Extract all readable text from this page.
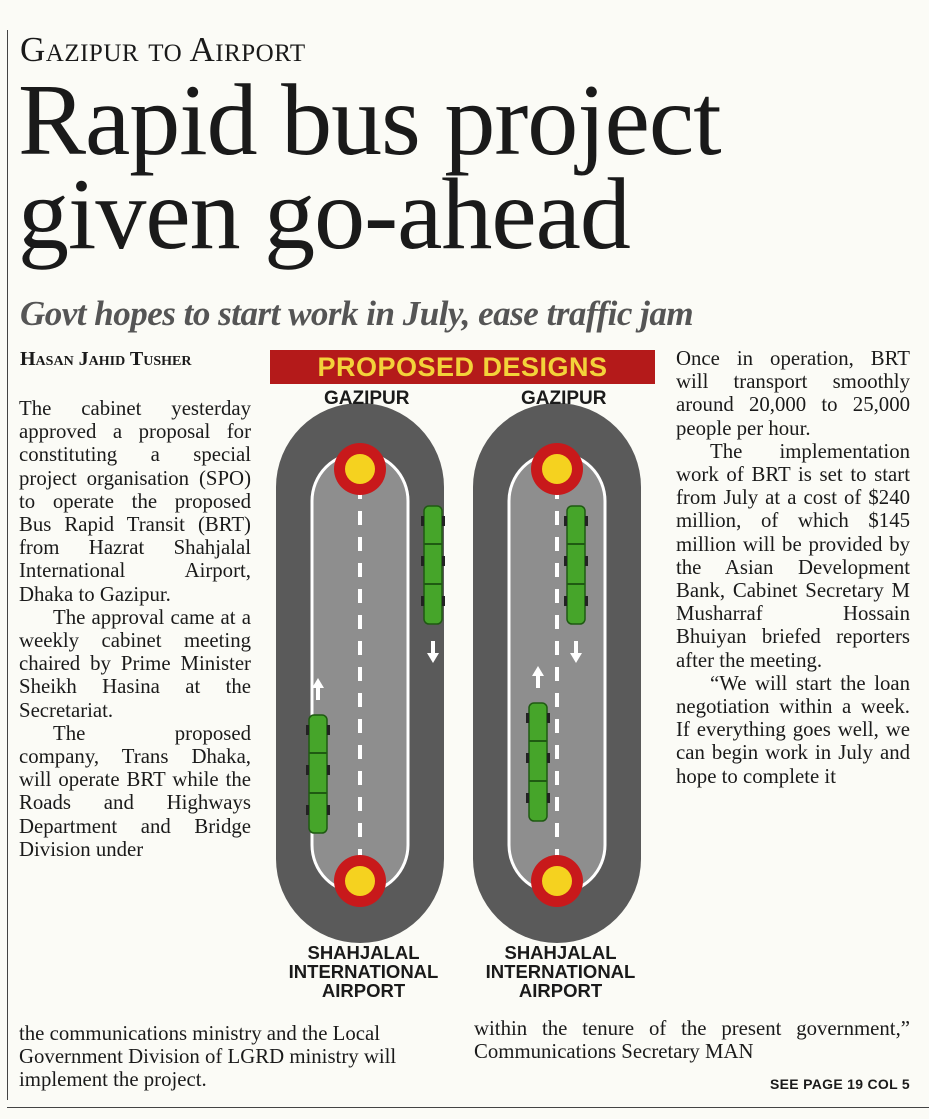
Gazipur to Airport
Rapid bus project
given go-ahead
Govt hopes to start work in July, ease traffic jam
Hasan Jahid Tusher

The cabinet yesterday approved a proposal for constituting a special project organisation (SPO) to operate the proposed Bus Rapid Transit (BRT) from Hazrat Shahjalal International Airport, Dhaka to Gazipur.

The approval came at a weekly cabinet meeting chaired by Prime Minister Sheikh Hasina at the Secretariat.

The proposed company, Trans Dhaka, will operate BRT while the Roads and Highways Department and Bridge Division under

the communications ministry and the Local Government Division of LGRD ministry will implement the project.

Once in operation, BRT will transport smoothly around 20,000 to 25,000 people per hour.

The implementation work of BRT is set to start from July at a cost of $240 million, of which $145 million will be provided by the Asian Development Bank, Cabinet Secretary M Musharraf Hossain Bhuiyan briefed reporters after the meeting.

“We will start the loan negotiation within a week. If everything goes well, we can begin work in July and hope to complete it

within the tenure of the present government,” Communications Secretary MAN
SEE PAGE 19 COL 5
PROPOSED DESIGNS
GAZIPUR	GAZIPUR
SHAHJALAL
INTERNATIONAL
AIRPORT
SHAHJALAL
INTERNATIONAL
AIRPORT
